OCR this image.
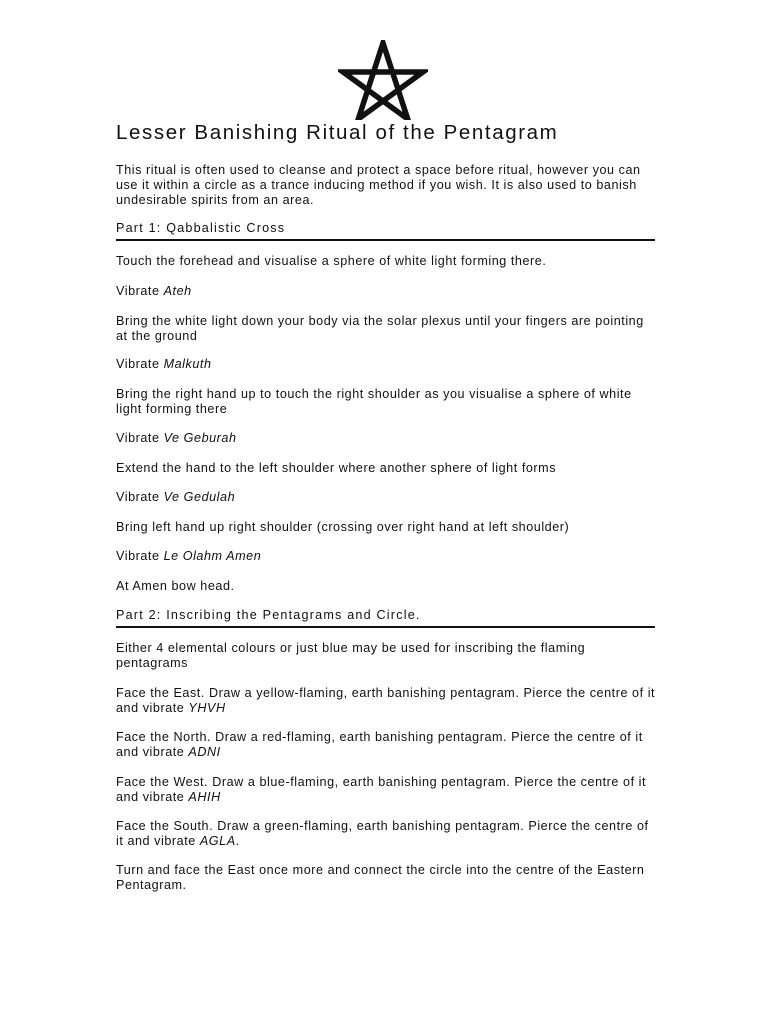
Lesser Banishing Ritual of the Pentagram

This ritual is often used to cleanse and protect a space before ritual, however you can use it within a circle as a trance inducing method if you wish. It is also used to banish undesirable spirits from an area.

Part 1: Qabbalistic Cross

Touch the forehead and visualise a sphere of white light forming there.

Vibrate Ateh

Bring the white light down your body via the solar plexus until your fingers are pointing at the ground

Vibrate Malkuth

Bring the right hand up to touch the right shoulder as you visualise a sphere of white light forming there

Vibrate Ve Geburah

Extend the hand to the left shoulder where another sphere of light forms

Vibrate Ve Gedulah

Bring left hand up right shoulder (crossing over right hand at left shoulder)

Vibrate Le Olahm Amen

At Amen bow head.

Part 2: Inscribing the Pentagrams and Circle.

Either 4 elemental colours or just blue may be used for inscribing the flaming pentagrams

Face the East. Draw a yellow-flaming, earth banishing pentagram. Pierce the centre of it and vibrate YHVH

Face the North. Draw a red-flaming, earth banishing pentagram. Pierce the centre of it and vibrate ADNI

Face the West. Draw a blue-flaming, earth banishing pentagram. Pierce the centre of it and vibrate AHIH

Face the South. Draw a green-flaming, earth banishing pentagram. Pierce the centre of it and vibrate AGLA.

Turn and face the East once more and connect the circle into the centre of the Eastern Pentagram.
